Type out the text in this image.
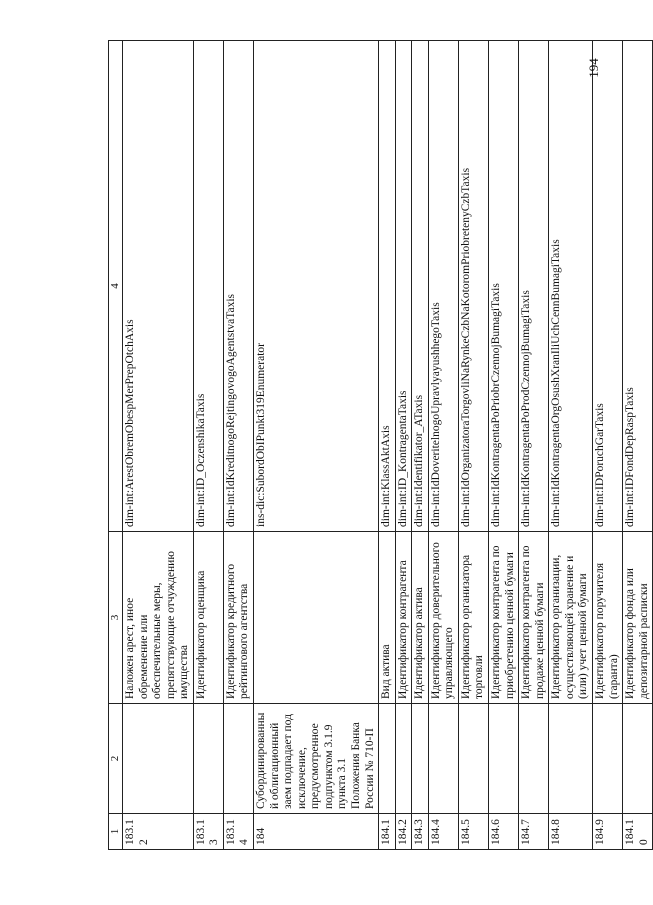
1	2	3	4
183.12		Наложен арест, иное обременение или обеспечительные меры, препятствующие отчуждению имущества	dim-int:ArestObremObespMerPrepOtchAxis
183.13		Идентификатор оценщика	dim-int:ID_OczenshikaTaxis
183.14		Идентификатор кредитного рейтингового агентства	dim-int:IdKreditnogoRejtingovogoAgentstvaTaxis
184	Субординированный облигационный заем подпадает под исключение, предусмотренное подпунктом 3.1.9 пункта 3.1 Положения Банка России № 710-П		ins-dic:SubordObIPunkt319Enumerator
184.1		Вид актива	dim-int:KlassAktAxis
184.2		Идентификатор контрагента	dim-int:ID_KontragentaTaxis
184.3		Идентификатор актива	dim-int:Identifikator_ATaxis
184.4		Идентификатор доверительного управляющего	dim-int:IdDoveritelnogoUpravlyayushhegoTaxis
184.5		Идентификатор организатора торговли	dim-int:IdOrganizatoraTorgovliNaRynkeCzbNaKotoromPriobretenyCzbTaxis
184.6		Идентификатор контрагента по приобретению ценной бумаги	dim-int:IdKontragentaPoPriobrCzennojBumagiTaxis
184.7		Идентификатор контрагента по продаже ценной бумаги	dim-int:IdKontragentaPoProdCzennojBumagiTaxis
184.8		Идентификатор организации, осуществляющей хранение и (или) учет ценной бумаги	dim-int:IdKontragentaOrgOsushXranIliUchCennBumagiTaxis
184.9		Идентификатор поручителя (гаранта)	dim-int:IDPoruchGarTaxis
184.10		Идентификатор фонда или депозитарной расписки	dim-int:IDFondDepRaspTaxis
194
